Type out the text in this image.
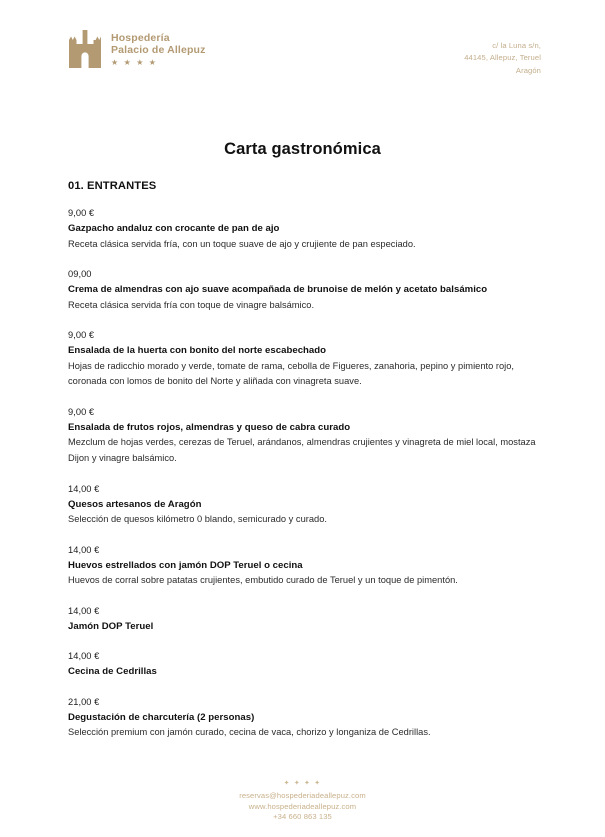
Hospedería
Palacio de Allepuz
★ ★ ★ ★
c/ la Luna s/n,
44145, Allepuz, Teruel
Aragón
Carta gastronómica
01. ENTRANTES
9,00 €
Gazpacho andaluz con crocante de pan de ajo
Receta clásica servida fría, con un toque suave de ajo y crujiente de pan especiado.
09,00
Crema de almendras con ajo suave acompañada de brunoise de melón y acetato balsámico
Receta clásica servida fría con toque de vinagre balsámico.
9,00 €
Ensalada de la huerta con bonito del norte escabechado
Hojas de radicchio morado y verde, tomate de rama, cebolla de Figueres, zanahoria, pepino y pimiento rojo, coronada con lomos de bonito del Norte y aliñada con vinagreta suave.
9,00 €
Ensalada de frutos rojos, almendras y queso de cabra curado
Mezclum de hojas verdes, cerezas de Teruel, arándanos, almendras crujientes y vinagreta de miel local, mostaza Dijon y vinagre balsámico.
14,00 €
Quesos artesanos de Aragón
Selección de quesos kilómetro 0 blando, semicurado y curado.
14,00 €
Huevos estrellados con jamón DOP Teruel o cecina
Huevos de corral sobre patatas crujientes, embutido curado de Teruel y un toque de pimentón.
14,00 €
Jamón DOP Teruel
14,00 €
Cecina de Cedrillas
21,00 €
Degustación de charcutería (2 personas)
Selección premium con jamón curado, cecina de vaca, chorizo y longaniza de Cedrillas.
✦ ✦ ✦ ✦
reservas@hospederiadeallepuz.com
www.hospederiadeallepuz.com
+34 660 863 135
